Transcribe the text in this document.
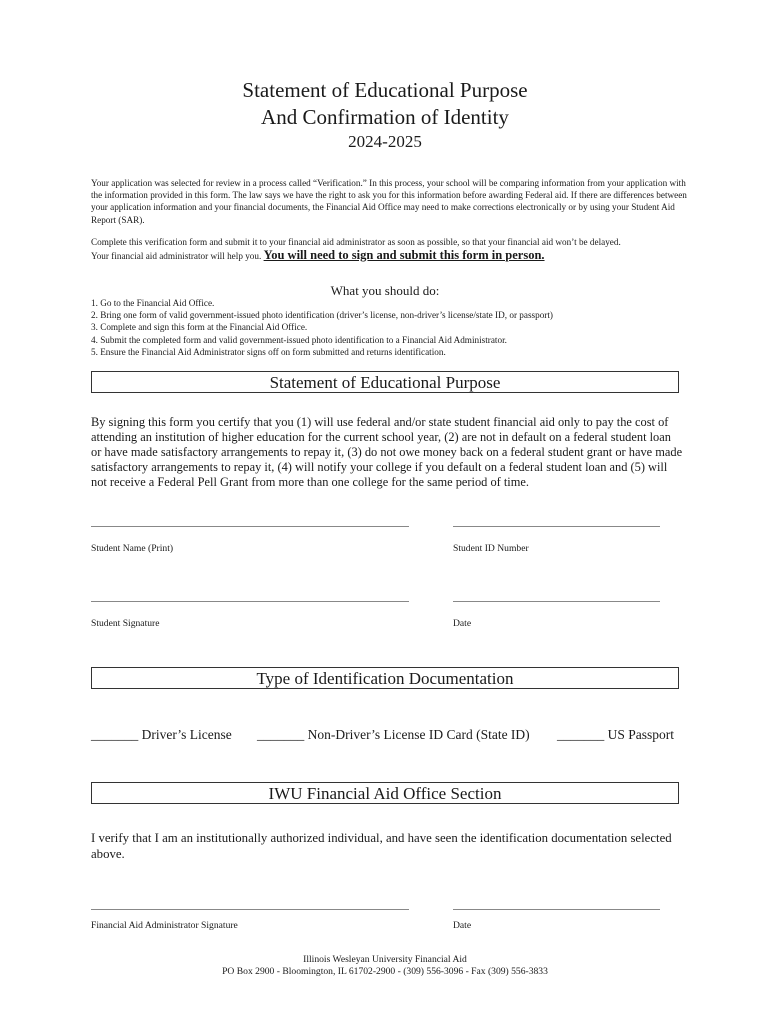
Statement of Educational Purpose
And Confirmation of Identity
2024-2025
Your application was selected for review in a process called “Verification.” In this process, your school will be comparing information from your application with the information provided in this form. The law says we have the right to ask you for this information before awarding Federal aid. If there are differences between your application information and your financial documents, the Financial Aid Office may need to make corrections electronically or by using your Student Aid Report (SAR).
Complete this verification form and submit it to your financial aid administrator as soon as possible, so that your financial aid won’t be delayed.
Your financial aid administrator will help you. You will need to sign and submit this form in person.
What you should do:
1. Go to the Financial Aid Office.
2. Bring one form of valid government-issued photo identification (driver’s license, non-driver’s license/state ID, or passport)
3. Complete and sign this form at the Financial Aid Office.
4. Submit the completed form and valid government-issued photo identification to a Financial Aid Administrator.
5. Ensure the Financial Aid Administrator signs off on form submitted and returns identification.
Statement of Educational Purpose
By signing this form you certify that you (1) will use federal and/or state student financial aid only to pay the cost of attending an institution of higher education for the current school year, (2) are not in default on a federal student loan or have made satisfactory arrangements to repay it, (3) do not owe money back on a federal student grant or have made satisfactory arrangements to repay it, (4) will notify your college if you default on a federal student loan and (5) will not receive a Federal Pell Grant from more than one college for the same period of time.
Student Name (Print)	Student ID Number
Student Signature	Date
Type of Identification Documentation
_______ Driver’s License _______ Non-Driver’s License ID Card (State ID) _______ US Passport
IWU Financial Aid Office Section
I verify that I am an institutionally authorized individual, and have seen the identification documentation selected above.
Financial Aid Administrator Signature	Date
Illinois Wesleyan University Financial Aid
PO Box 2900 - Bloomington, IL 61702-2900 - (309) 556-3096 - Fax (309) 556-3833
